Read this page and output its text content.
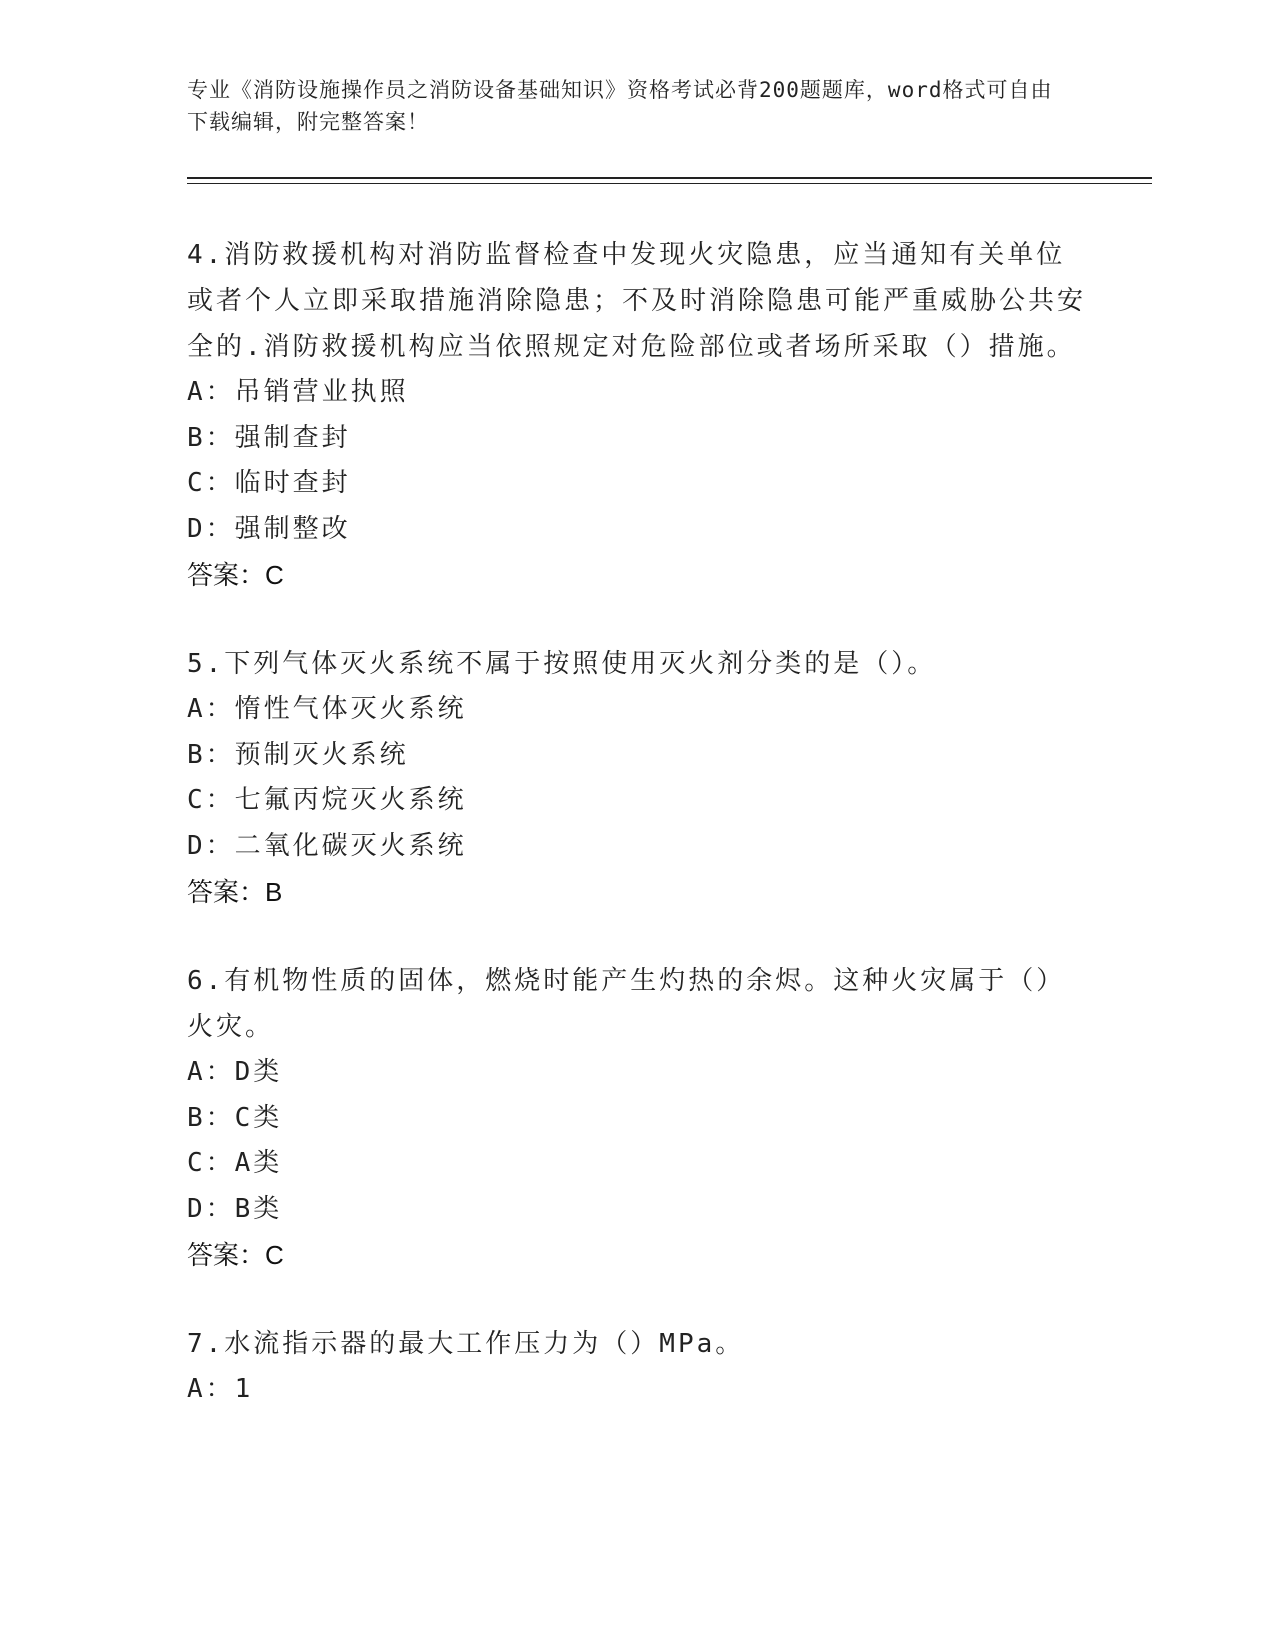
专业《消防设施操作员之消防设备基础知识》资格考试必背200题题库，word格式可自由下载编辑，附完整答案！

4.消防救援机构对消防监督检查中发现火灾隐患，应当通知有关单位或者个人立即采取措施消除隐患；不及时消除隐患可能严重威胁公共安全的.消防救援机构应当依照规定对危险部位或者场所采取（）措施。

A：吊销营业执照

B：强制查封

C：临时查封

D：强制整改

答案：C

5.下列气体灭火系统不属于按照使用灭火剂分类的是（）。

A：惰性气体灭火系统

B：预制灭火系统

C：七氟丙烷灭火系统

D：二氧化碳灭火系统

答案：B

6.有机物性质的固体，燃烧时能产生灼热的余烬。这种火灾属于（）火灾。

A：D类

B：C类

C：A类

D：B类

答案：C

7.水流指示器的最大工作压力为（）MPa。

A：1
